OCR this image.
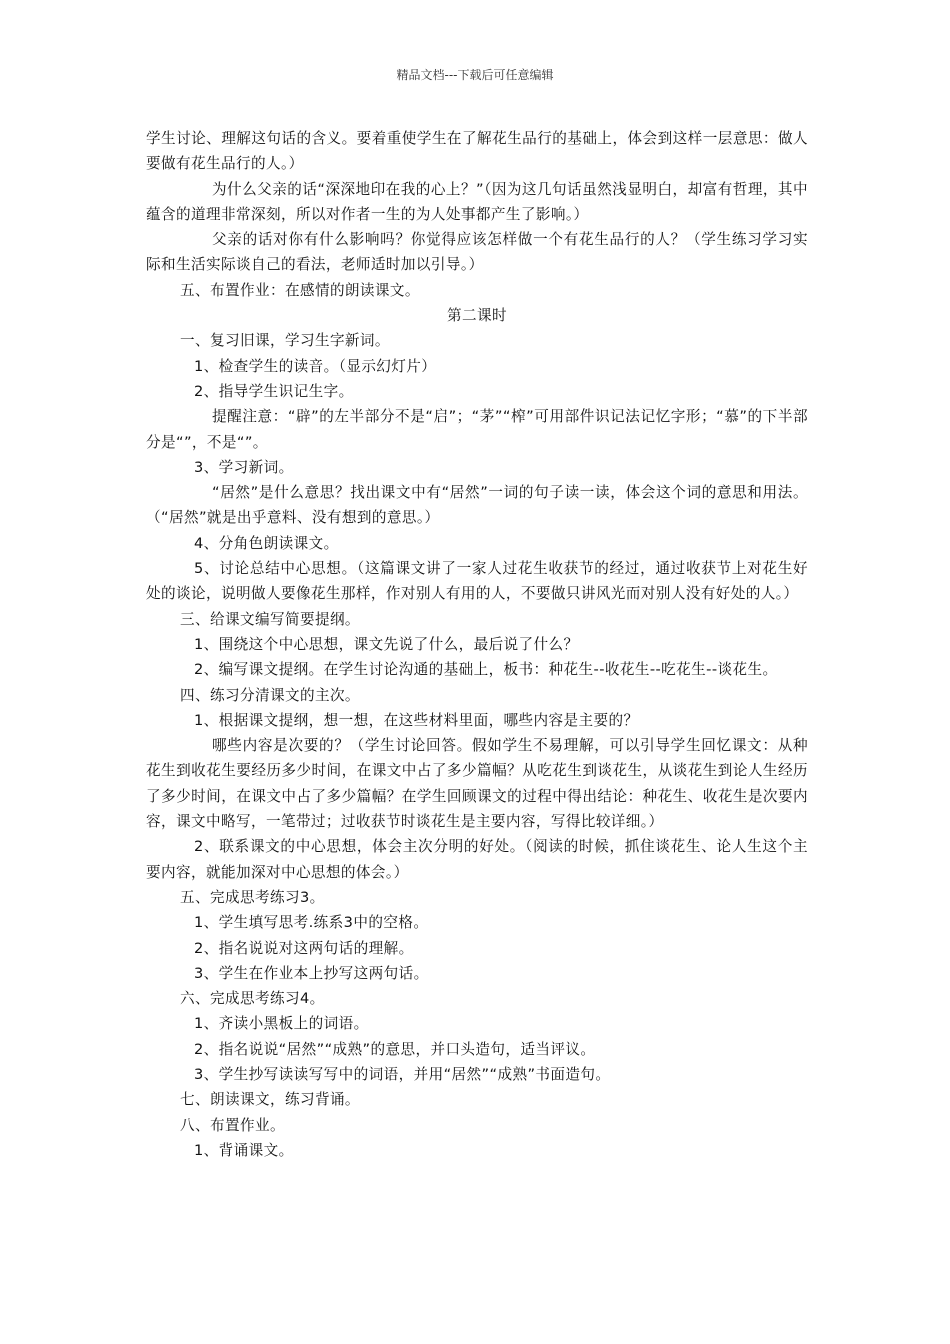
精品文档---下载后可任意编辑

学生讨论、理解这句话的含义。要着重使学生在了解花生品行的基础上，体会到这样一层意思：做人要做有花生品行的人。）

为什么父亲的话“深深地印在我的心上？”（因为这几句话虽然浅显明白，却富有哲理，其中蕴含的道理非常深刻，所以对作者一生的为人处事都产生了影响。）

父亲的话对你有什么影响吗？你觉得应该怎样做一个有花生品行的人？（学生练习学习实际和生活实际谈自己的看法，老师适时加以引导。）

五、布置作业：在感情的朗读课文。

第二课时

一、复习旧课，学习生字新词。

1、检查学生的读音。（显示幻灯片）

2、指导学生识记生字。

提醒注意：“辟”的左半部分不是“启”；“茅”“榨”可用部件识记法记忆字形；“慕”的下半部分是“”，不是“”。

3、学习新词。

“居然”是什么意思？找出课文中有“居然”一词的句子读一读，体会这个词的意思和用法。（“居然”就是出乎意料、没有想到的意思。）

4、分角色朗读课文。

5、讨论总结中心思想。（这篇课文讲了一家人过花生收获节的经过，通过收获节上对花生好处的谈论，说明做人要像花生那样，作对别人有用的人，不要做只讲风光而对别人没有好处的人。）

三、给课文编写简要提纲。

1、围绕这个中心思想，课文先说了什么，最后说了什么？

2、编写课文提纲。在学生讨论沟通的基础上，板书：种花生--收花生--吃花生--谈花生。

四、练习分清课文的主次。

1、根据课文提纲，想一想，在这些材料里面，哪些内容是主要的？

哪些内容是次要的？（学生讨论回答。假如学生不易理解，可以引导学生回忆课文：从种花生到收花生要经历多少时间，在课文中占了多少篇幅？从吃花生到谈花生，从谈花生到论人生经历了多少时间，在课文中占了多少篇幅？在学生回顾课文的过程中得出结论：种花生、收花生是次要内容，课文中略写，一笔带过；过收获节时谈花生是主要内容，写得比较详细。）

2、联系课文的中心思想，体会主次分明的好处。（阅读的时候，抓住谈花生、论人生这个主要内容，就能加深对中心思想的体会。）

五、完成思考练习3。

1、学生填写思考.练系3中的空格。

2、指名说说对这两句话的理解。

3、学生在作业本上抄写这两句话。

六、完成思考练习4。

1、齐读小黑板上的词语。

2、指名说说“居然”“成熟”的意思，并口头造句，适当评议。

3、学生抄写读读写写中的词语，并用“居然”“成熟”书面造句。

七、朗读课文，练习背诵。

八、布置作业。

1、背诵课文。
